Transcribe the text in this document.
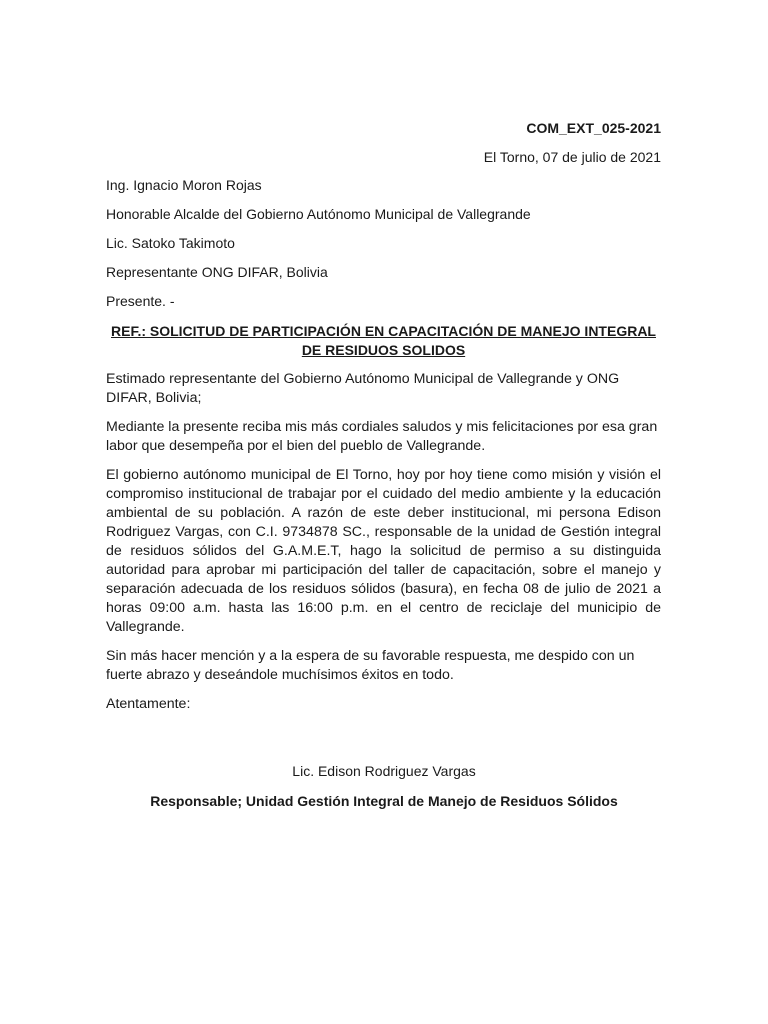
COM_EXT_025-2021
El Torno, 07 de julio de 2021

Ing. Ignacio Moron Rojas

Honorable Alcalde del Gobierno Autónomo Municipal de Vallegrande

Lic. Satoko Takimoto

Representante ONG DIFAR, Bolivia

Presente. -

REF.: SOLICITUD DE PARTICIPACIÓN EN CAPACITACIÓN DE MANEJO INTEGRAL DE RESIDUOS SOLIDOS

Estimado representante del Gobierno Autónomo Municipal de Vallegrande y ONG DIFAR, Bolivia;

Mediante la presente reciba mis más cordiales saludos y mis felicitaciones por esa gran labor que desempeña por el bien del pueblo de Vallegrande.

El gobierno autónomo municipal de El Torno, hoy por hoy tiene como misión y visión el compromiso institucional de trabajar por el cuidado del medio ambiente y la educación ambiental de su población. A razón de este deber institucional, mi persona Edison Rodriguez Vargas, con C.I. 9734878 SC., responsable de la unidad de Gestión integral de residuos sólidos del G.A.M.E.T, hago la solicitud de permiso a su distinguida autoridad para aprobar mi participación del taller de capacitación, sobre el manejo y separación adecuada de los residuos sólidos (basura), en fecha 08 de julio de 2021 a horas 09:00 a.m. hasta las 16:00 p.m. en el centro de reciclaje del municipio de Vallegrande.

Sin más hacer mención y a la espera de su favorable respuesta, me despido con un fuerte abrazo y deseándole muchísimos éxitos en todo.

Atentamente:

Lic. Edison Rodriguez Vargas
Responsable; Unidad Gestión Integral de Manejo de Residuos Sólidos
